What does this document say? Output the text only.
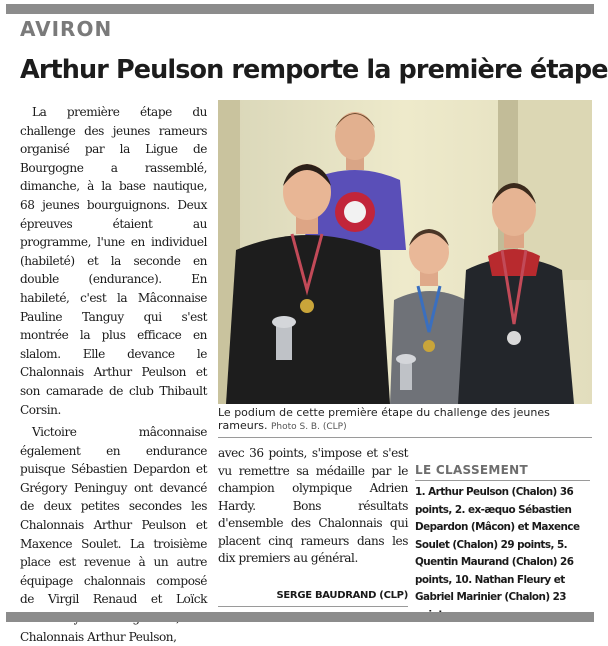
AVIRON
Arthur Peulson remporte la première étape

La première étape du challenge des jeunes rameurs organisé par la Ligue de Bourgogne a rassemblé, dimanche, à la base nautique, 68 jeunes bourguignons. Deux épreuves étaient au programme, l'une en individuel (habileté) et la seconde en double (endurance). En habileté, c'est la Mâconnaise Pauline Tanguy qui s'est montrée la plus efficace en slalom. Elle devance le Chalonnais Arthur Peulson et son camarade de club Thibault Corsin.

Victoire mâconnaise également en endurance puisque Sébastien Depardon et Grégory Peninguy ont devancé de deux petites secondes les Chalonnais Arthur Peulson et Maxence Soulet. La troisième place est revenue à un autre équipage chalonnais composé de Virgil Renaud et Loïck Chalonnais Arthur Peulson,

Le podium de cette première étape du challenge des jeunes rameurs. Photo S. B. (CLP)

avec 36 points, s'impose et s'est vu remettre sa médaille par le champion olympique Adrien Hardy. Bons résultats d'ensemble des Chalonnais qui placent cinq rameurs dans les dix premiers au général.

SERGE BAUDRAND (CLP)
LE CLASSEMENT
1. Arthur Peulson (Chalon) 36 points, 2. ex-æquo Sébastien Depardon (Mâcon) et Maxence Soulet (Chalon) 29 points, 5. Quentin Maurand (Chalon) 26 points, 10. Nathan Fleury et Gabriel Marinier (Chalon) 23
